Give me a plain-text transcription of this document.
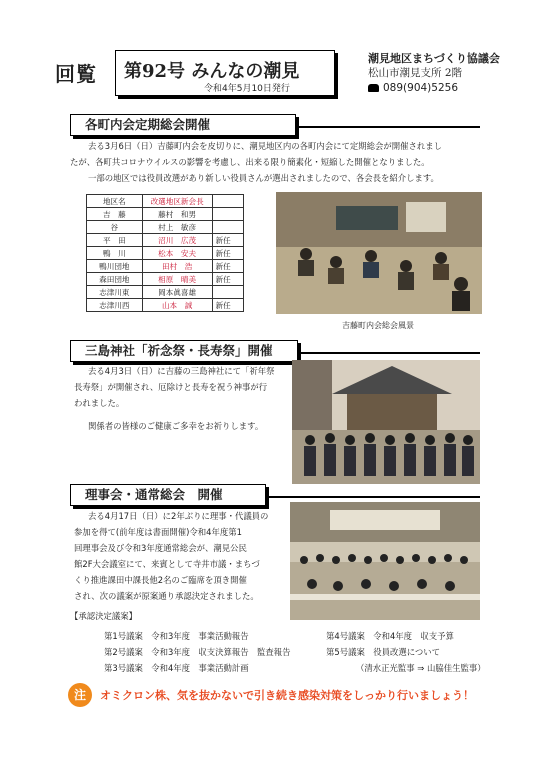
回覧 第92号 みんなの潮見
令和4年5月10日発行
潮見地区まちづくり協議会
松山市潮見支所 2階
089(904)5256
各町内会定期総会開催
去る3月6日（日）吉藤町内会を皮切りに、潮見地区内の各町内会にて定期総会が開催されまし
たが、各町共コロナウイルスの影響を考慮し、出来る限り簡素化・短縮した開催となりました。
一部の地区では役員改選があり新しい役員さんが選出されましたので、各会長を紹介します。
地区名	改選地区新会長	
吉　藤	藤村　和男	
谷	村上　敏彦	
平　田	沼川　広茂	新任
鴨　川	松本　安夫	新任
鴨川団地	田村　浩	新任
森田団地	相原　晴美	新任
志津川東	岡本眞喜雄	
志津川西	山本　誠	新任
吉藤町内会総会風景
三島神社「祈念祭・長寿祭」開催
去る4月3日（日）に吉藤の三島神社にて「祈年祭
長寿祭」が開催され、厄除けと長寿を祝う神事が行
われました。
関係者の皆様のご健康ご多幸をお祈りします。
理事会・通常総会　開催
去る4月17日（日）に2年ぶりに理事・代議員の
参加を得て(前年度は書面開催)令和4年度第1
回理事会及び令和3年度通常総会が、潮見公民
館2F大会議室にて、来賓として寺井市議・まちづ
くり推進課田中課長他2名のご臨席を頂き開催
され、次の議案が原案通り承認決定されました。
【承認決定議案】
第1号議案　令和3年度　事業活動報告
第2号議案　令和3年度　収支決算報告　監査報告
第3号議案　令和4年度　事業活動計画
第4号議案　令和4年度　収支予算
第5号議案　役員改選について
（清水正光監事 ⇒ 山脇佳生監事）
注	オミクロン株、気を抜かないで引き続き感染対策をしっかり行いましょう！
